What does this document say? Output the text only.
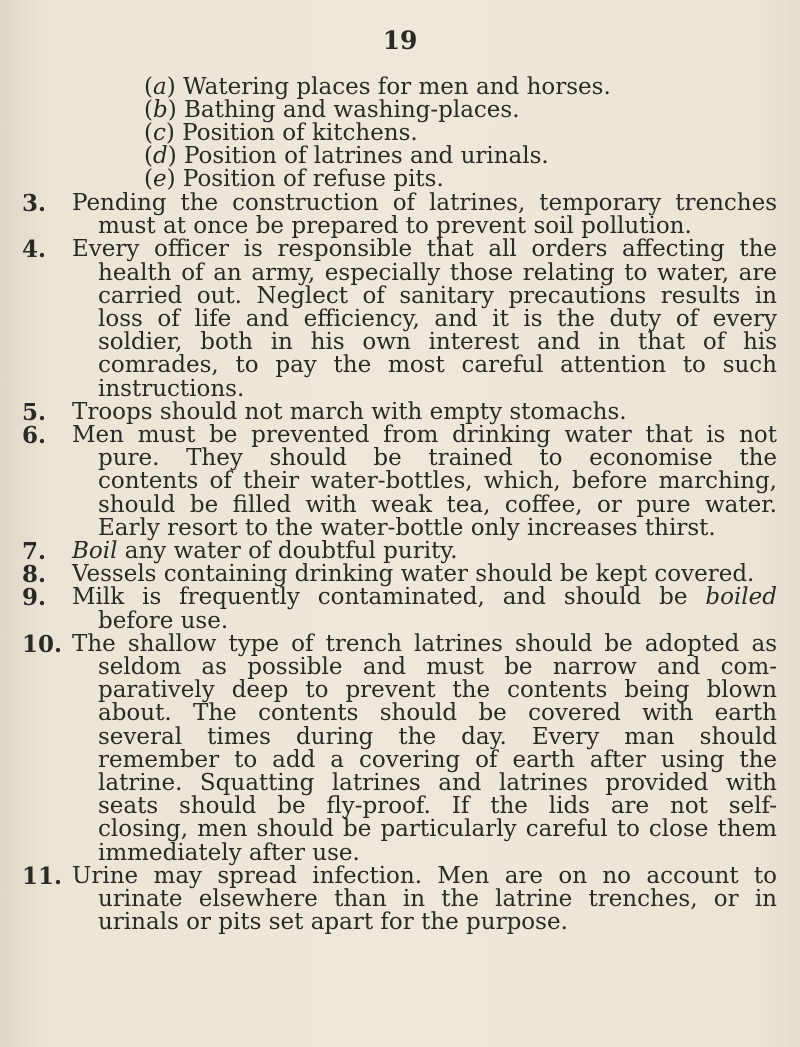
19
(a) Watering places for men and horses.
(b) Bathing and washing-places.
(c) Position of kitchens.
(d) Position of latrines and urinals.
(e) Position of refuse pits.
3.	Pending the construction of latrines, temporary trenches
must at once be prepared to prevent soil pollution.
4.	Every officer is responsible that all orders affecting the
health of an army, especially those relating to water, are
carried out. Neglect of sanitary precautions results in
loss of life and efficiency, and it is the duty of every
soldier, both in his own interest and in that of his
comrades, to pay the most careful attention to such
instructions.
5.	Troops should not march with empty stomachs.
6.	Men must be prevented from drinking water that is not
pure. They should be trained to economise the
contents of their water-bottles, which, before marching,
should be filled with weak tea, coffee, or pure water.
Early resort to the water-bottle only increases thirst.
7.	Boil any water of doubtful purity.
8.	Vessels containing drinking water should be kept covered.
9.	Milk is frequently contaminated, and should be boiled
before use.
10. The shallow type of trench latrines should be adopted as
seldom as possible and must be narrow and com-
paratively deep to prevent the contents being blown
about. The contents should be covered with earth
several times during the day. Every man should
remember to add a covering of earth after using the
latrine. Squatting latrines and latrines provided with
seats should be fly-proof. If the lids are not self-
closing, men should be particularly careful to close them
immediately after use.
11. Urine may spread infection. Men are on no account to
urinate elsewhere than in the latrine trenches, or in
urinals or pits set apart for the purpose.
